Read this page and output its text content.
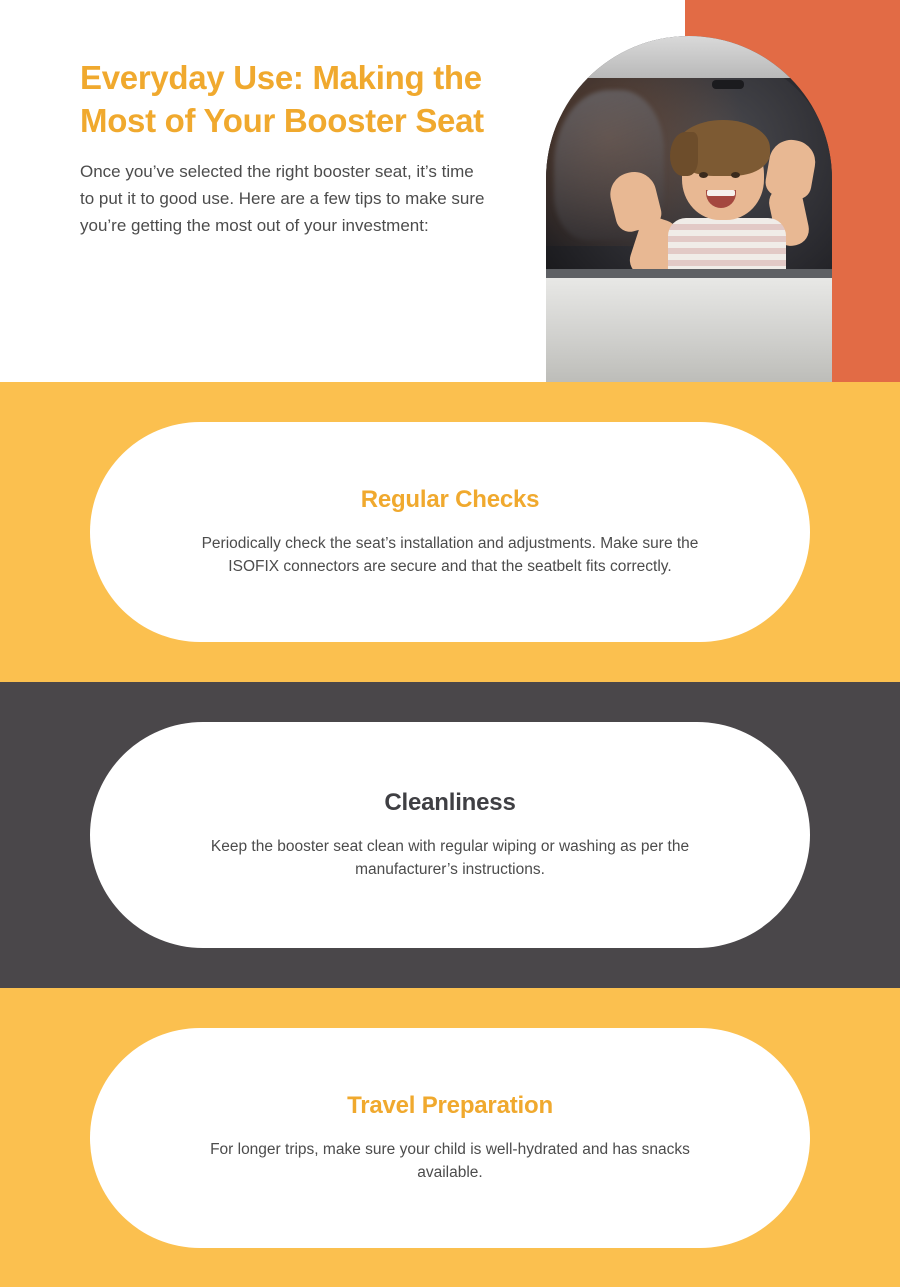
Everyday Use: Making the Most of Your Booster Seat

Once you’ve selected the right booster seat, it’s time to put it to good use. Here are a few tips to make sure you’re getting the most out of your investment:

Regular Checks

Periodically check the seat’s installation and adjustments. Make sure the ISOFIX connectors are secure and that the seatbelt fits correctly.

Cleanliness

Keep the booster seat clean with regular wiping or washing as per the manufacturer’s instructions.

Travel Preparation

For longer trips, make sure your child is well-hydrated and has snacks available.
